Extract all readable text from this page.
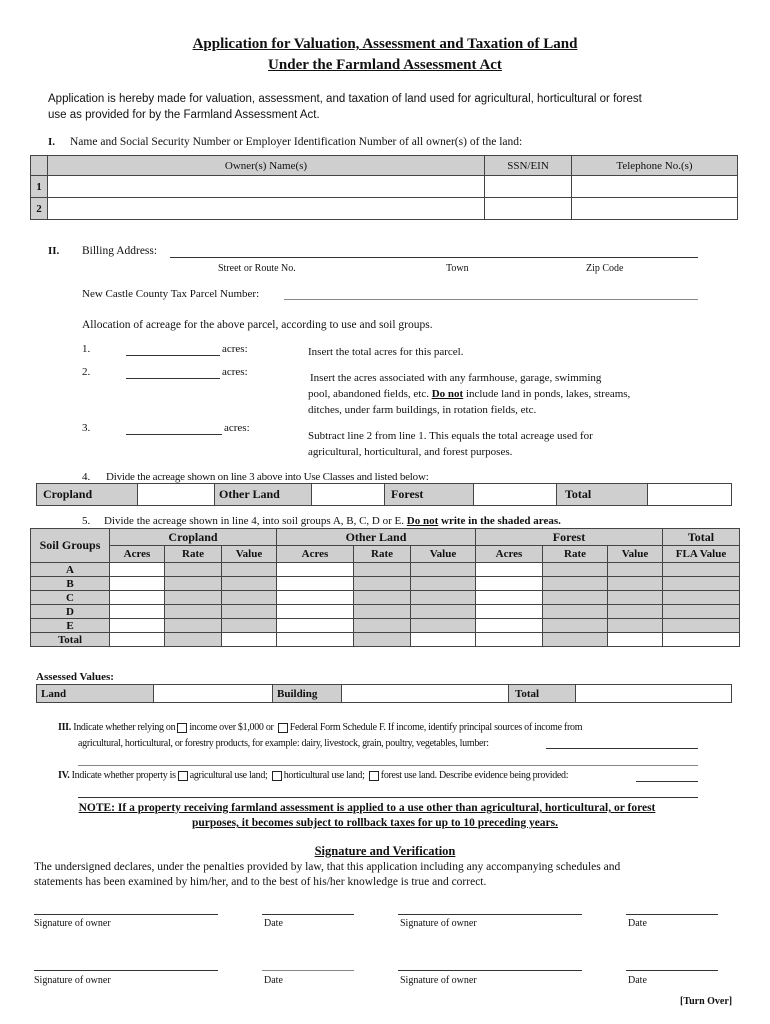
Application for Valuation, Assessment and Taxation of Land
Under the Farmland Assessment Act
Application is hereby made for valuation, assessment, and taxation of land used for agricultural, horticultural or forest
use as provided for by the Farmland Assessment Act.
I. Name and Social Security Number or Employer Identification Number of all owner(s) of the land:
	Owner(s) Name(s)	SSN/EIN	Telephone No.(s)
1			
2			
II. Billing Address:
Street or Route No.	Town	Zip Code
New Castle County Tax Parcel Number:
Allocation of acreage for the above parcel, according to use and soil groups.
1.	acres:	Insert the total acres for this parcel.
2.	acres:	Insert the acres associated with any farmhouse, garage, swimming
pool, abandoned fields, etc. Do not include land in ponds, lakes, streams,
ditches, under farm buildings, in rotation fields, etc.
3.	acres:
Subtract line 2 from line 1. This equals the total acreage used for
agricultural, horticultural, and forest purposes.
4. Divide the acreage shown on line 3 above into Use Classes and listed below:
Cropland		Other Land		Forest		Total	
5. Divide the acreage shown in line 4, into soil groups A, B, C, D or E. Do not write in the shaded areas.
Soil Groups	Cropland			Other Land			Forest			Total
	Acres	Rate	Value	Acres	Rate	Value	Acres	Rate	Value	FLA Value
A										
B										
C										
D										
E										
Total										
Assessed Values:
Land		Building		Total	
III. Indicate whether relying on income over $1,000 or Federal Form Schedule F. If income, identify principal sources of income from
agricultural, horticultural, or forestry products, for example: dairy, livestock, grain, poultry, vegetables, lumber:
IV. Indicate whether property is agricultural use land; horticultural use land; forest use land. Describe evidence being provided:
NOTE: If a property receiving farmland assessment is applied to a use other than agricultural, horticultural, or forest
purposes, it becomes subject to rollback taxes for up to 10 preceding years.
Signature and Verification
The undersigned declares, under the penalties provided by law, that this application including any accompanying schedules and
statements has been examined by him/her, and to the best of his/her knowledge is true and correct.
Signature of owner	Date	Signature of owner	Date
Signature of owner	Date	Signature of owner	Date
[Turn Over]
